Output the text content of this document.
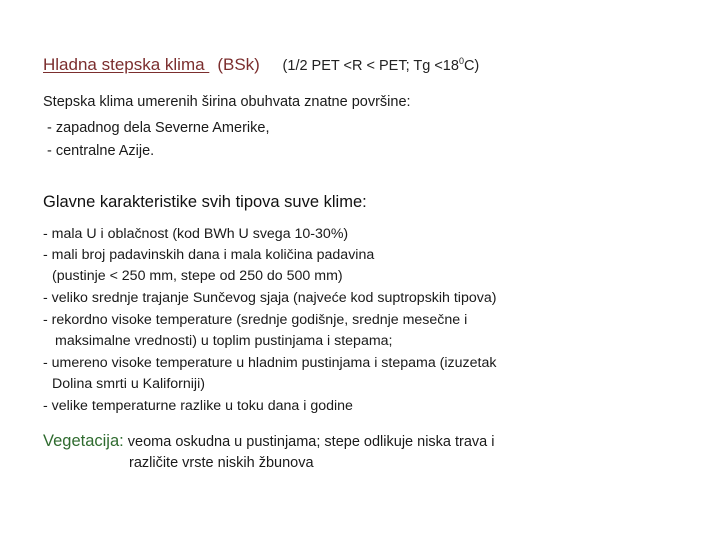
Hladna stepska klima (BSk) (1/2 PET <R < PET; $Tg <18^0C$)
Stepska klima umerenih širina obuhvata znatne površine:
- zapadnog dela Severne Amerike,
- centralne Azije.
Glavne karakteristike svih tipova suve klime:
- mala U i oblačnost (kod BWh U svega 10-30%)
- mali broj padavinskih dana i mala količina padavina
(pustinje < 250 mm, stepe od 250 do 500 mm)
- veliko srednje trajanje Sunčevog sjaja (najveće kod suptropskih tipova)
- rekordno visoke temperature (srednje godišnje, srednje mesečne i
maksimalne vrednosti) u toplim pustinjama i stepama;
- umereno visoke temperature u hladnim pustinjama i stepama (izuzetak
Dolina smrti u Kaliforniji)
- velike temperaturne razlike u toku dana i godine
Vegetacija: veoma oskudna u pustinjama; stepe odlikuje niska trava i
različite vrste niskih žbunova
